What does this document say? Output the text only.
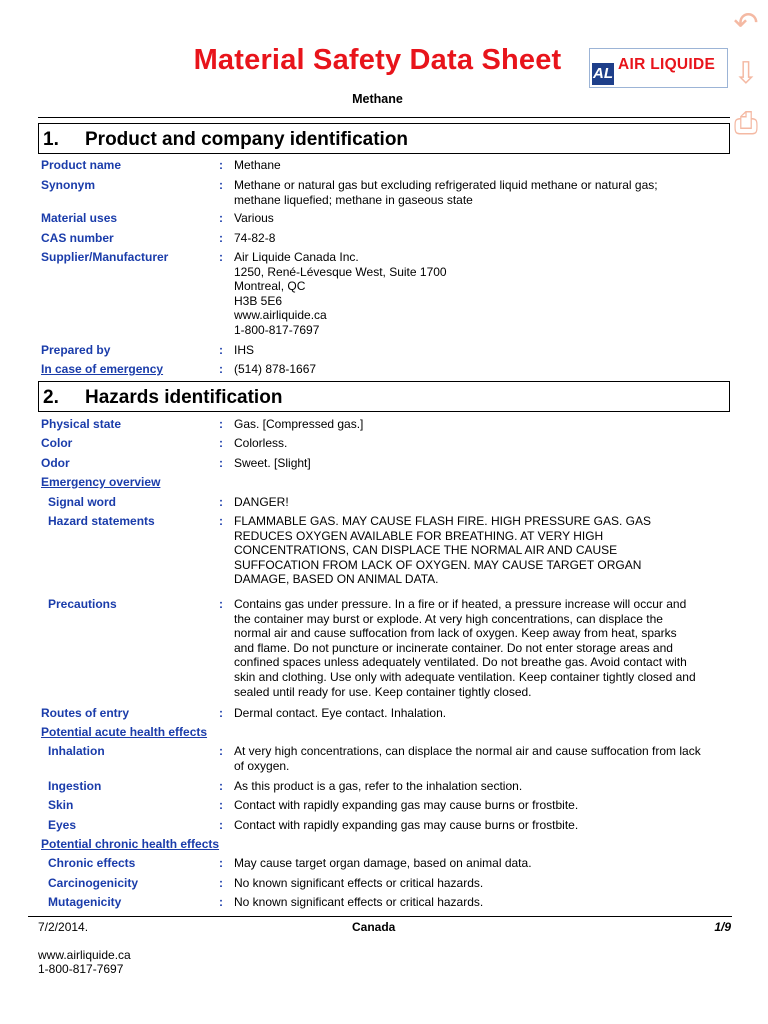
Material Safety Data Sheet	AL
AIR LIQUIDE
Methane
↶
⇩
⎙
1. Product and company identification
Product name	: Methane
Synonym	: Methane or natural gas but excluding refrigerated liquid methane or natural gas;
methane liquefied; methane in gaseous state
Material uses	: Various
CAS number	: 74-82-8
Supplier/Manufacturer	: Air Liquide Canada Inc.
1250, René-Lévesque West, Suite 1700
Montreal, QC
H3B 5E6
www.airliquide.ca
1-800-817-7697
Prepared by	: IHS
In case of emergency	: (514) 878-1667
2. Hazards identification
Physical state	: Gas. [Compressed gas.]
Color	: Colorless.
Odor	: Sweet. [Slight]
Emergency overview
Signal word	: DANGER!
Hazard statements	: FLAMMABLE GAS. MAY CAUSE FLASH FIRE. HIGH PRESSURE GAS. GAS
REDUCES OXYGEN AVAILABLE FOR BREATHING. AT VERY HIGH
CONCENTRATIONS, CAN DISPLACE THE NORMAL AIR AND CAUSE
SUFFOCATION FROM LACK OF OXYGEN. MAY CAUSE TARGET ORGAN
DAMAGE, BASED ON ANIMAL DATA.
Precautions	: Contains gas under pressure. In a fire or if heated, a pressure increase will occur and
the container may burst or explode. At very high concentrations, can displace the
normal air and cause suffocation from lack of oxygen. Keep away from heat, sparks
and flame. Do not puncture or incinerate container. Do not enter storage areas and
confined spaces unless adequately ventilated. Do not breathe gas. Avoid contact with
skin and clothing. Use only with adequate ventilation. Keep container tightly closed and
sealed until ready for use. Keep container tightly closed.
Routes of entry	: Dermal contact. Eye contact. Inhalation.
Potential acute health effects
Inhalation	: At very high concentrations, can displace the normal air and cause suffocation from lack
of oxygen.
Ingestion	: As this product is a gas, refer to the inhalation section.
Skin	: Contact with rapidly expanding gas may cause burns or frostbite.
Eyes	: Contact with rapidly expanding gas may cause burns or frostbite.
Potential chronic health effects
Chronic effects	: May cause target organ damage, based on animal data.
Carcinogenicity	: No known significant effects or critical hazards.
Mutagenicity	: No known significant effects or critical hazards.
7/2/2014.	Canada	1/9
www.airliquide.ca
1-800-817-7697
